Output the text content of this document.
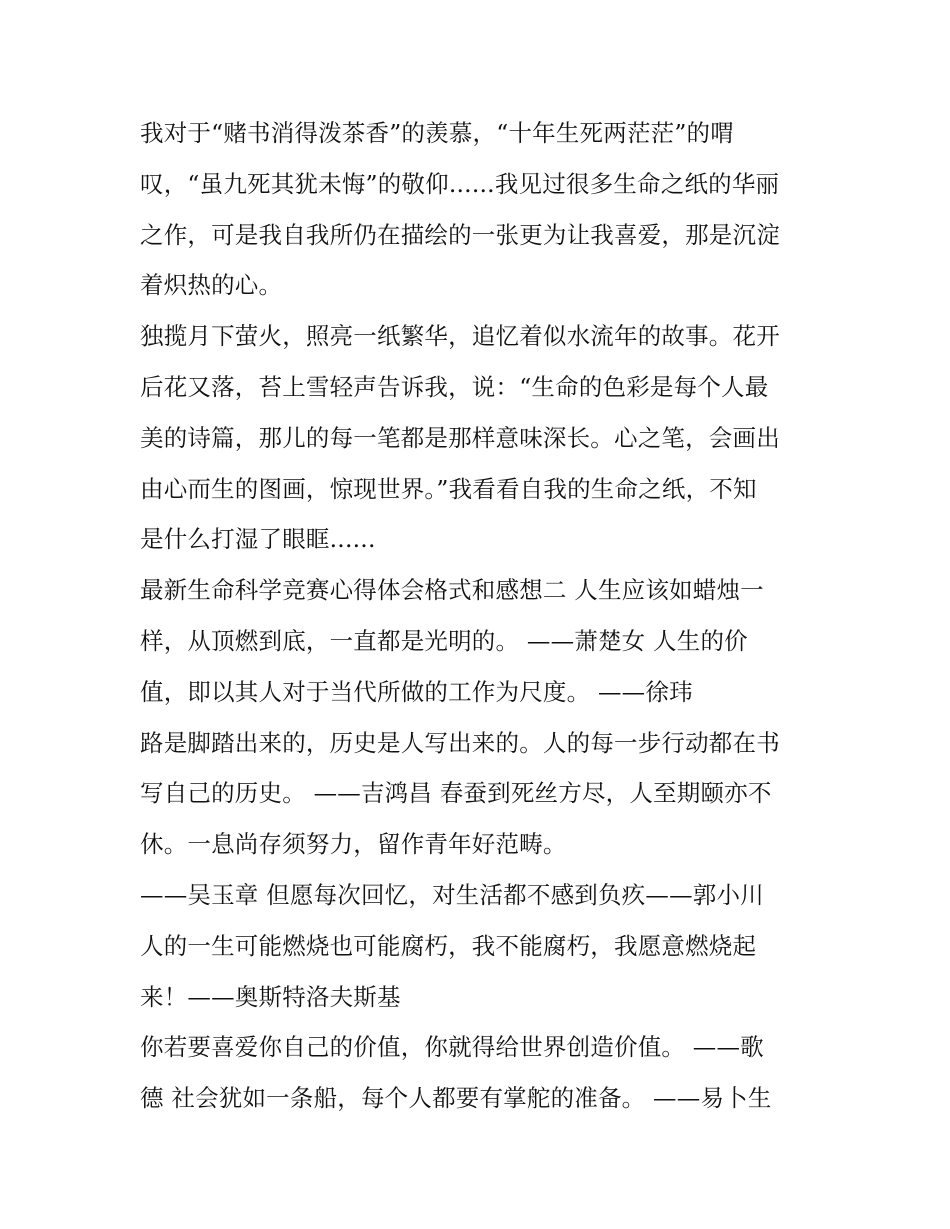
我对于“赌书消得泼茶香”的羡慕，“十年生死两茫茫”的喟
叹，“虽九死其犹未悔”的敬仰......我见过很多生命之纸的华丽
之作，可是我自我所仍在描绘的一张更为让我喜爱，那是沉淀
着炽热的心。
独揽月下萤火，照亮一纸繁华，追忆着似水流年的故事。花开
后花又落，苔上雪轻声告诉我，说：“生命的色彩是每个人最
美的诗篇，那儿的每一笔都是那样意味深长。心之笔，会画出
由心而生的图画，惊现世界。”我看看自我的生命之纸，不知
是什么打湿了眼眶......
最新生命科学竞赛心得体会格式和感想二 人生应该如蜡烛一
样，从顶燃到底，一直都是光明的。 ——萧楚女 人生的价
值，即以其人对于当代所做的工作为尺度。 ——徐玮
路是脚踏出来的，历史是人写出来的。人的每一步行动都在书
写自己的历史。 ——吉鸿昌 春蚕到死丝方尽，人至期颐亦不
休。一息尚存须努力，留作青年好范畴。
——吴玉章 但愿每次回忆，对生活都不感到负疚——郭小川
人的一生可能燃烧也可能腐朽，我不能腐朽，我愿意燃烧起
来！——奥斯特洛夫斯基
你若要喜爱你自己的价值，你就得给世界创造价值。 ——歌
德 社会犹如一条船，每个人都要有掌舵的准备。 ——易卜生
